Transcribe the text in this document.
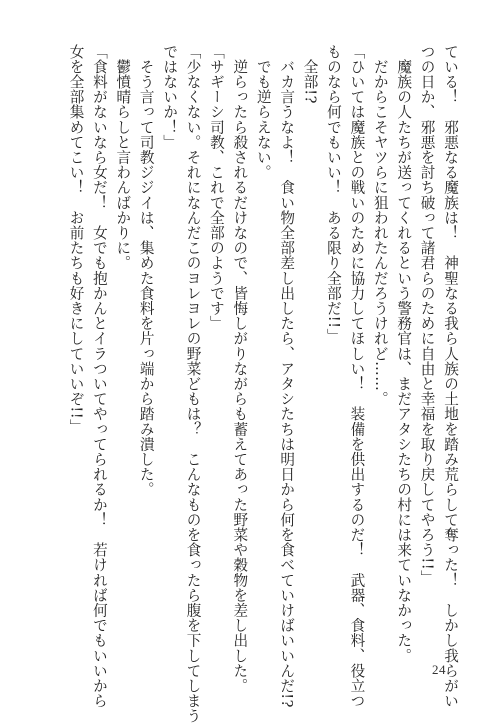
ている！　邪悪なる魔族は！　神聖なる我ら人族の土地を踏み荒らして奪った！　しかし我らがい
つの日か、邪悪を討ち破って諸君らのために自由と幸福を取り戻してやろう!!」
　魔族の人たちが送ってくれるという警務官は、まだアタシたちの村には来ていなかった。
　だからこそヤツらに狙われたんだろうけれど……。
「ひいては魔族との戦いのために協力してほしい！　装備を供出するのだ！　武器、食料、役立つ
ものなら何でもいい！　ある限り全部だ!!」
　全部!?
　バカ言うなよ！　食い物全部差し出したら、アタシたちは明日から何を食べていけばいいんだ!?
　でも逆らえない。
　逆らったら殺されるだけなので、皆悔しがりながらも蓄えてあった野菜や穀物を差し出した。
「サギーシ司教、これで全部のようです」
「少なくない。それになんだこのヨレヨレの野菜どもは？　こんなものを食ったら腹を下してしまう
ではないか！」
　そう言って司教ジジイは、集めた食料を片っ端から踏み潰した。
　鬱憤晴らしと言わんばかりに。
「食料がないなら女だ！　女でも抱かんとイラついてやってられるか！　若ければ何でもいいから
女を全部集めてこい！　お前たちも好きにしていいぞ!!」
24
